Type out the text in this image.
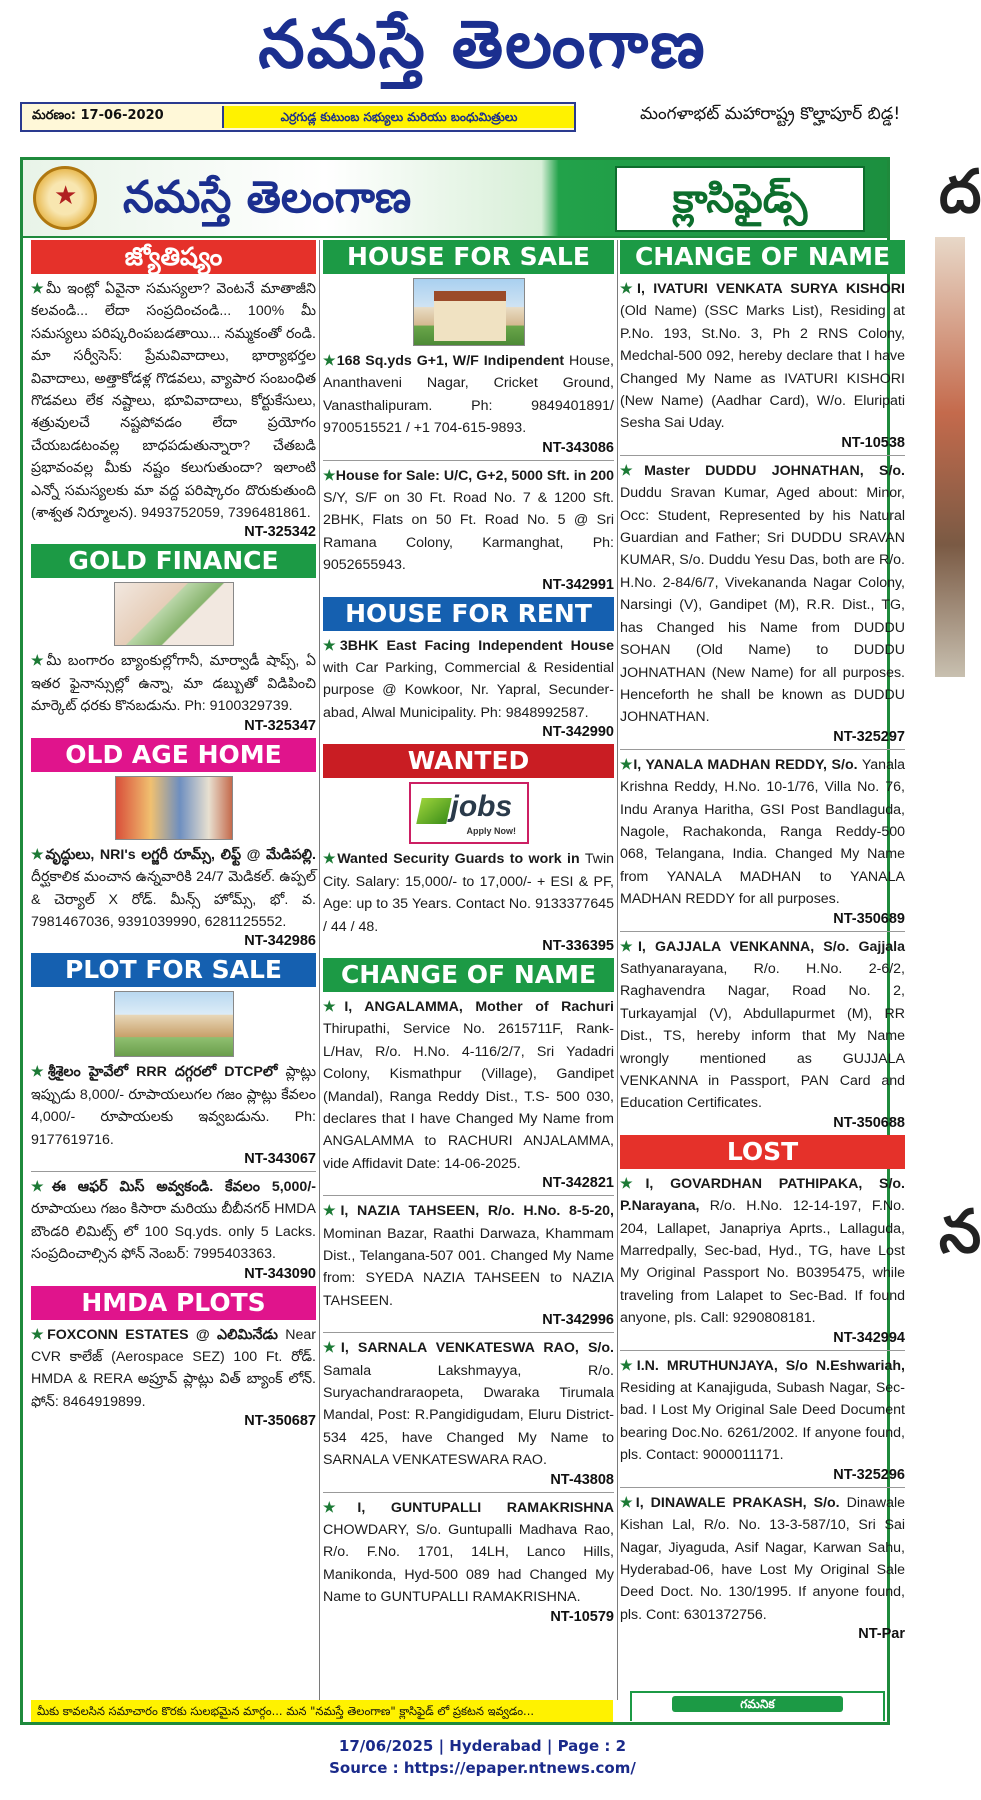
నమస్తే తెలంగాణ
మరణం: 17-06-2020	ఎర్రగుడ్ల కుటుంబ సభ్యులు మరియు బంధుమిత్రులు	మంగళాభట్ మహారాష్ట్ర కొల్హాపూర్ బిడ్డ!
★
నమస్తే తెలంగాణ	క్లాసిఫైడ్స్
జ్యోతిష్యం
★మీ ఇంట్లో ఏవైనా సమస్యలా? వెంటనే మాతాజీని కలవండి... లేదా సంప్రదించండి... 100% మీ సమస్యలు పరిష్కరింపబడతాయి... నమ్మకంతో రండి. మా సర్వీసెస్: ప్రేమవివాదాలు, భార్యాభర్తల వివాదాలు, అత్తాకోడళ్ల గొడవలు, వ్యాపార సంబంధిత గొడవలు లేక నష్టాలు, భూవివాదాలు, కోర్టుకేసులు, శత్రువులచే నష్టపోవడం లేదా ప్రయోగం చేయబడటంవల్ల బాధపడుతున్నారా? చేతబడి ప్రభావంవల్ల మీకు నష్టం కలుగుతుందా? ఇలాంటి ఎన్నో సమస్యలకు మా వద్ద పరిష్కారం దొరుకుతుంది (శాశ్వత నిర్మూలన). 9493752059, 7396481861.
NT-325342
GOLD FINANCE
★మీ బంగారం బ్యాంకుల్లోగానీ, మార్వాడీ షాప్స్, ఏ ఇతర ఫైనాన్సుల్లో ఉన్నా, మా డబ్బుతో విడిపించి మార్కెట్ ధరకు కొనబడును. Ph: 9100329739.
NT-325347
OLD AGE HOME
★వృద్ధులు, NRI's లగ్జరీ రూమ్స్, లిఫ్ట్ @ మేడిపల్లి. దీర్ఘకాలిక మంచాన ఉన్నవారికి 24/7 మెడికల్. ఉప్పల్ & చెర్యాల్ X రోడ్. మీన్స్ హోమ్స్, భో. వ. 7981467036, 9391039990, 6281125552.
NT-342986
PLOT FOR SALE
★శ్రీశైలం హైవేలో RRR దగ్గరలో DTCPలో ప్లాట్లు ఇప్పుడు 8,000/- రూపాయలుగల గజం ప్లాట్లు కేవలం 4,000/- రూపాయలకు ఇవ్వబడును. Ph: 9177619716.
NT-343067
★ఈ ఆఫర్ మిస్ అవ్వకండి. కేవలం 5,000/- రూపాయలు గజం కిసారా మరియు బీబీనగర్ HMDA బౌండరి లిమిట్స్ లో 100 Sq.yds. only 5 Lacks. సంప్రదించాల్సిన ఫోన్ నెంబర్: 7995403363.
NT-343090
HMDA PLOTS
★FOXCONN ESTATES @ ఎలిమినేడు Near CVR కాలేజ్ (Aerospace SEZ) 100 Ft. రోడ్. HMDA & RERA అప్రూవ్ ప్లాట్లు విత్ బ్యాంక్ లోన్. ఫోన్: 8464919899.
NT-350687
HOUSE FOR SALE
★168 Sq.yds G+1, W/F Indipendent House, Ananthaveni Nagar, Cricket Ground, Vanasthalipuram. Ph: 9849401891/ 9700515521 / +1 704-615-9893.
NT-343086
★House for Sale: U/C, G+2, 5000 Sft. in 200 S/Y, S/F on 30 Ft. Road No. 7 & 1200 Sft. 2BHK, Flats on 50 Ft. Road No. 5 @ Sri Ramana Colony, Karmanghat, Ph: 9052655943.
NT-342991
HOUSE FOR RENT
★3BHK East Facing Independent House with Car Parking, Commercial & Residential purpose @ Kowkoor, Nr. Yapral, Secunder-abad, Alwal Municipality. Ph: 9848992587.
NT-342990
WANTED
jobs
Apply Now!
★Wanted Security Guards to work in Twin City. Salary: 15,000/- to 17,000/- + ESI & PF, Age: up to 35 Years. Contact No. 9133377645 / 44 / 48.
NT-336395
CHANGE OF NAME
★I, ANGALAMMA, Mother of Rachuri Thirupathi, Service No. 2615711F, Rank-L/Hav, R/o. H.No. 4-116/2/7, Sri Yadadri Colony, Kismathpur (Village), Gandipet (Mandal), Ranga Reddy Dist., T.S- 500 030, declares that I have Changed My Name from ANGALAMMA to RACHURI ANJALAMMA, vide Affidavit Date: 14-06-2025.
NT-342821
★I, NAZIA TAHSEEN, R/o. H.No. 8-5-20, Mominan Bazar, Raathi Darwaza, Khammam Dist., Telangana-507 001. Changed My Name from: SYEDA NAZIA TAHSEEN to NAZIA TAHSEEN.
NT-342996
★I, SARNALA VENKATESWA RAO, S/o. Samala Lakshmayya, R/o. Suryachandraraopeta, Dwaraka Tirumala Mandal, Post: R.Pangidigudam, Eluru District-534 425, have Changed My Name to SARNALA VENKATESWARA RAO.
NT-43808
★I, GUNTUPALLI RAMAKRISHNA CHOWDARY, S/o. Guntupalli Madhava Rao, R/o. F.No. 1701, 14LH, Lanco Hills, Manikonda, Hyd-500 089 had Changed My Name to GUNTUPALLI RAMAKRISHNA.
NT-10579
CHANGE OF NAME
★I, IVATURI VENKATA SURYA KISHORI (Old Name) (SSC Marks List), Residing at P.No. 193, St.No. 3, Ph 2 RNS Colony, Medchal-500 092, hereby declare that I have Changed My Name as IVATURI KISHORI (New Name) (Aadhar Card), W/o. Eluripati Sesha Sai Uday.
NT-10538
★Master DUDDU JOHNATHAN, S/o. Duddu Sravan Kumar, Aged about: Minor, Occ: Student, Represented by his Natural Guardian and Father; Sri DUDDU SRAVAN KUMAR, S/o. Duddu Yesu Das, both are R/o. H.No. 2-84/6/7, Vivekananda Nagar Colony, Narsingi (V), Gandipet (M), R.R. Dist., TG, has Changed his Name from DUDDU SOHAN (Old Name) to DUDDU JOHNATHAN (New Name) for all purposes. Henceforth he shall be known as DUDDU JOHNATHAN.
NT-325297
★I, YANALA MADHAN REDDY, S/o. Yanala Krishna Reddy, H.No. 10-1/76, Villa No. 76, Indu Aranya Haritha, GSI Post Bandlaguda, Nagole, Rachakonda, Ranga Reddy-500 068, Telangana, India. Changed My Name from YANALA MADHAN to YANALA MADHAN REDDY for all purposes.
NT-350689
★I, GAJJALA VENKANNA, S/o. Gajjala Sathyanarayana, R/o. H.No. 2-6/2, Raghavendra Nagar, Road No. 2, Turkayamjal (V), Abdullapurmet (M), RR Dist., TS, hereby inform that My Name wrongly mentioned as GUJJALA VENKANNA in Passport, PAN Card and Education Certificates.
NT-350688
LOST
★I, GOVARDHAN PATHIPAKA, S/o. P.Narayana, R/o. H.No. 12-14-197, F.No. 204, Lallapet, Janapriya Aprts., Lallaguda, Marredpally, Sec-bad, Hyd., TG, have Lost My Original Passport No. B0395475, while traveling from Lalapet to Sec-Bad. If found anyone, pls. Call: 9290808181.
NT-342994
★I.N. MRUTHUNJAYA, S/o N.Eshwariah, Residing at Kanajiguda, Subash Nagar, Sec-bad. I Lost My Original Sale Deed Document bearing Doc.No. 6261/2002. If anyone found, pls. Contact: 9000011171.
NT-325296
★I, DINAWALE PRAKASH, S/o. Dinawale Kishan Lal, R/o. No. 13-3-587/10, Sri Sai Nagar, Jiyaguda, Asif Nagar, Karwan Sahu, Hyderabad-06, have Lost My Original Sale Deed Doct. No. 130/1995. If anyone found, pls. Cont: 6301372756.
NT-Par
మీకు కావలసిన సమాచారం కొరకు సులభమైన మార్గం... మన "నమస్తే తెలంగాణ" క్లాసిఫైడ్ లో ప్రకటన ఇవ్వడం...	గమనిక
ద
న
17/06/2025 | Hyderabad | Page : 2
Source : https://epaper.ntnews.com/
